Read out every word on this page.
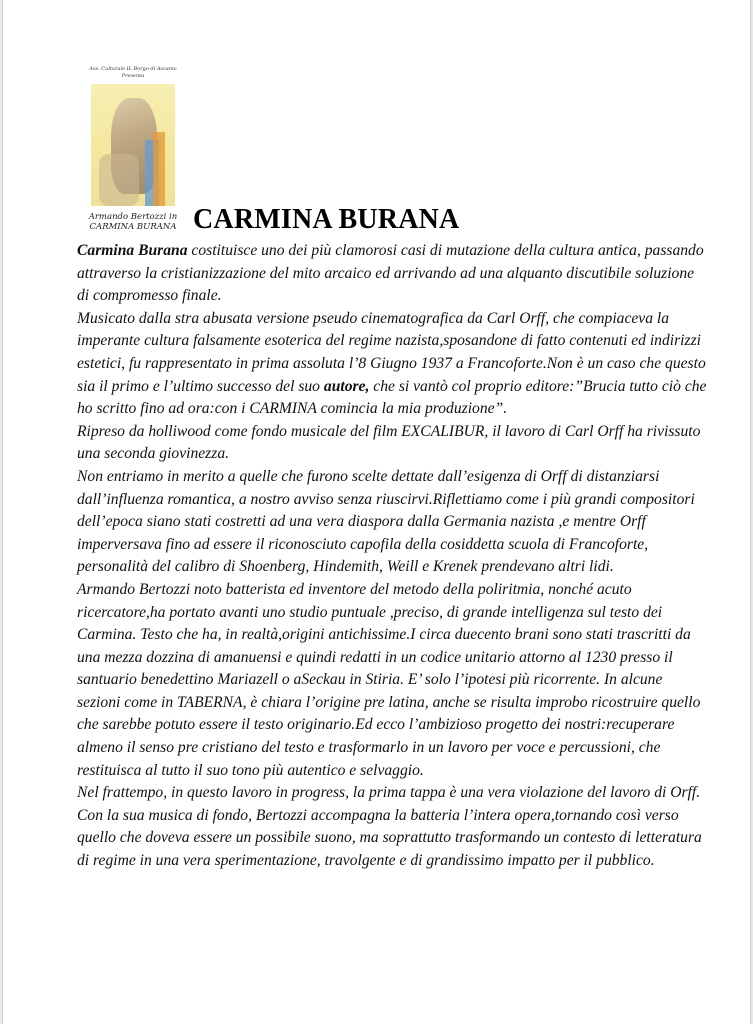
Ass. Culturale IL Borgo di Ascanio
Presenta
Armando Bertozzi in
CARMINA BURANA CARMINA BURANA

Carmina Burana costituisce uno dei più clamorosi casi di mutazione della cultura antica, passando attraverso la cristianizzazione del mito arcaico ed arrivando ad una alquanto discutibile soluzione di compromesso finale.

Musicato dalla stra abusata versione pseudo cinematografica da Carl Orff, che compiaceva la imperante cultura falsamente esoterica del regime nazista,sposandone di fatto contenuti ed indirizzi estetici, fu rappresentato in prima assoluta l’8 Giugno 1937 a Francoforte.Non è un caso che questo sia il primo e l’ultimo successo del suo autore, che si vantò col proprio editore:”Brucia tutto ciò che ho scritto fino ad ora:con i CARMINA comincia la mia produzione”.

Ripreso da holliwood come fondo musicale del film EXCALIBUR, il lavoro di Carl Orff ha rivissuto una seconda giovinezza.

Non entriamo in merito a quelle che furono scelte dettate dall’esigenza di Orff di distanziarsi dall’influenza romantica, a nostro avviso senza riuscirvi.Riflettiamo come i più grandi compositori dell’epoca siano stati costretti ad una vera diaspora dalla Germania nazista ,e mentre Orff imperversava fino ad essere il riconosciuto capofila della cosiddetta scuola di Francoforte, personalità del calibro di Shoenberg, Hindemith, Weill e Krenek prendevano altri lidi.

Armando Bertozzi noto batterista ed inventore del metodo della poliritmia, nonché acuto ricercatore,ha portato avanti uno studio puntuale ,preciso, di grande intelligenza sul testo dei Carmina. Testo che ha, in realtà,origini antichissime.I circa duecento brani sono stati trascritti da una mezza dozzina di amanuensi e quindi redatti in un codice unitario attorno al 1230 presso il santuario benedettino Mariazell o aSeckau in Stiria. E’ solo l’ipotesi più ricorrente. In alcune sezioni come in TABERNA, è chiara l’origine pre latina, anche se risulta improbo ricostruire quello che sarebbe potuto essere il testo originario.Ed ecco l’ambizioso progetto dei nostri:recuperare almeno il senso pre cristiano del testo e trasformarlo in un lavoro per voce e percussioni, che restituisca al tutto il suo tono più autentico e selvaggio.

Nel frattempo, in questo lavoro in progress, la prima tappa è una vera violazione del lavoro di Orff. Con la sua musica di fondo, Bertozzi accompagna la batteria l’intera opera,tornando così verso quello che doveva essere un possibile suono, ma soprattutto trasformando un contesto di letteratura di regime in una vera sperimentazione, travolgente e di grandissimo impatto per il pubblico.
